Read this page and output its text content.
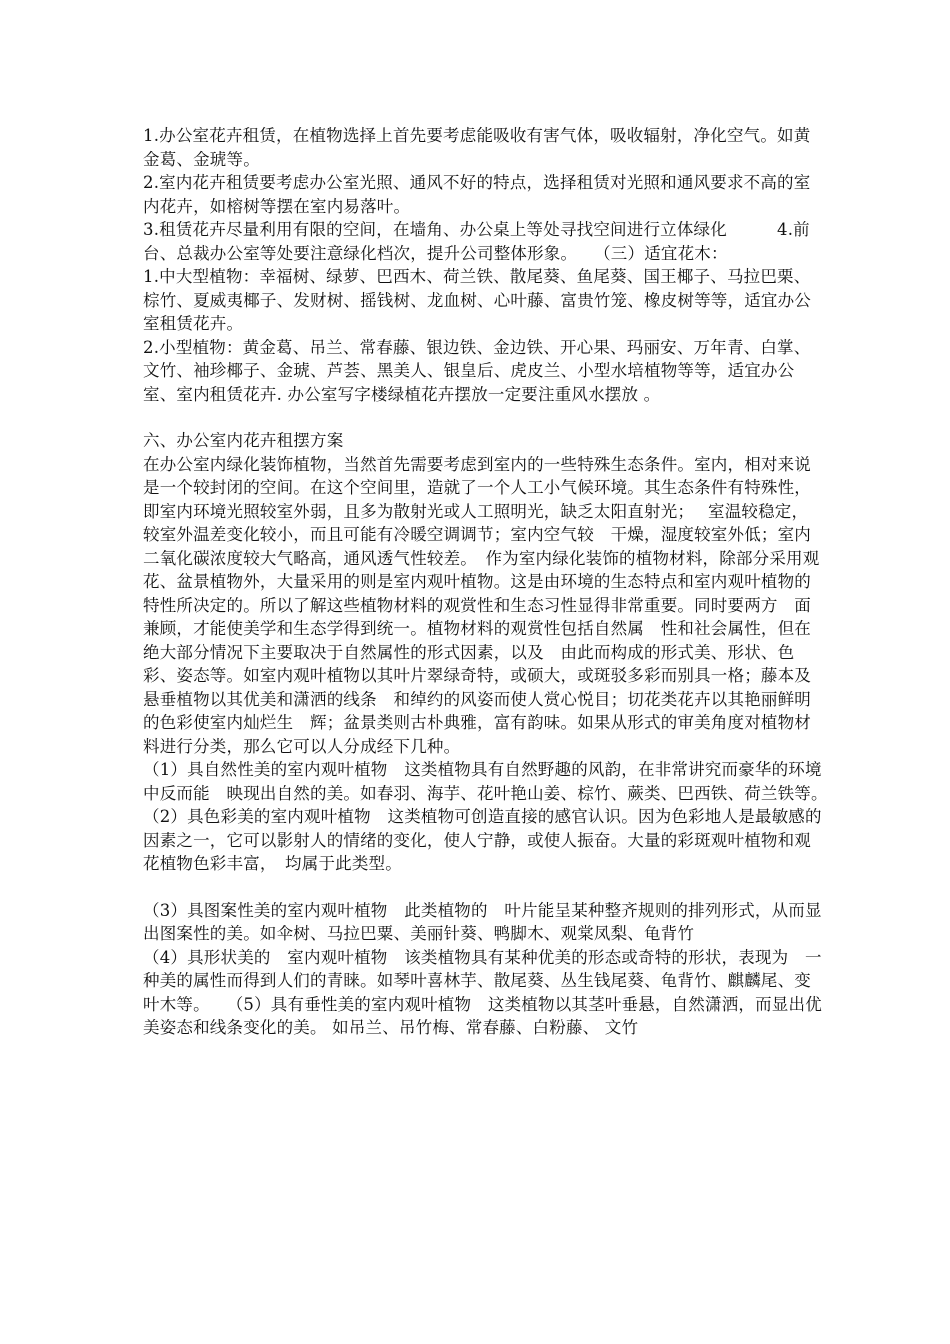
1.办公室花卉租赁，在植物选择上首先要考虑能吸收有害气体，吸收辐射，净化空气。如黄金葛、金琥等。

2.室内花卉租赁要考虑办公室光照、通风不好的特点，选择租赁对光照和通风要求不高的室内花卉，如榕树等摆在室内易落叶。

3.租赁花卉尽量利用有限的空间，在墙角、办公桌上等处寻找空间进行立体绿化　　　4.前台、总裁办公室等处要注意绿化档次，提升公司整体形象。　　（三）适宜花木：

1.中大型植物：幸福树、绿萝、巴西木、荷兰铁、散尾葵、鱼尾葵、国王椰子、马拉巴栗、棕竹、夏威夷椰子、发财树、摇钱树、龙血树、心叶藤、富贵竹笼、橡皮树等等，适宜办公室租赁花卉。

2.小型植物：黄金葛、吊兰、常春藤、银边铁、金边铁、开心果、玛丽安、万年青、白掌、文竹、袖珍椰子、金琥、芦荟、黑美人、银皇后、虎皮兰、小型水培植物等等，适宜办公室、室内租赁花卉. 办公室写字楼绿植花卉摆放一定要注重风水摆放 。

六、办公室内花卉租摆方案

在办公室内绿化装饰植物，当然首先需要考虑到室内的一些特殊生态条件。室内，相对来说是一个较封闭的空间。在这个空间里，造就了一个人工小气候环境。其生态条件有特殊性，即室内环境光照较室外弱，且多为散射光或人工照明光，缺乏太阳直射光；　 室温较稳定，较室外温差变化较小，而且可能有冷暖空调调节；室内空气较　干燥，湿度较室外低；室内二氧化碳浓度较大气略高，通风透气性较差。　作为室内绿化装饰的植物材料，除部分采用观花、盆景植物外，大量采用的则是室内观叶植物。这是由环境的生态特点和室内观叶植物的特性所决定的。所以了解这些植物材料的观赏性和生态习性显得非常重要。同时要两方　面兼顾，才能使美学和生态学得到统一。植物材料的观赏性包括自然属　性和社会属性，但在绝大部分情况下主要取决于自然属性的形式因素，以及　由此而构成的形式美、形状、色彩、姿态等。如室内观叶植物以其叶片翠绿奇特，或硕大，或斑驳多彩而别具一格；藤本及悬垂植物以其优美和潇洒的线条　和绰约的风姿而使人赏心悦目；切花类花卉以其艳丽鲜明的色彩使室内灿烂生　辉；盆景类则古朴典雅，富有韵味。如果从形式的审美角度对植物材料进行分类，那么它可以人分成经下几种。

（1）具自然性美的室内观叶植物　这类植物具有自然野趣的风韵，在非常讲究而豪华的环境中反而能　映现出自然的美。如春羽、海芋、花叶艳山姜、棕竹、蕨类、巴西铁、荷兰铁等。　　（2）具色彩美的室内观叶植物　这类植物可创造直接的感官认识。因为色彩地人是最敏感的因素之一，它可以影射人的情绪的变化，使人宁静，或使人振奋。大量的彩斑观叶植物和观花植物色彩丰富，　均属于此类型。

（3）具图案性美的室内观叶植物　此类植物的　叶片能呈某种整齐规则的排列形式，从而显出图案性的美。如伞树、马拉巴粟、美丽针葵、鸭脚木、观棠凤梨、龟背竹

（4）具形状美的　室内观叶植物　该类植物具有某种优美的形态或奇特的形状，表现为　一种美的属性而得到人们的青睐。如琴叶喜林芋、散尾葵、丛生钱尾葵、龟背竹、麒麟尾、变叶木等。　　（5）具有垂性美的室内观叶植物　这类植物以其茎叶垂悬，自然潇洒，而显出优美姿态和线条变化的美。 如吊兰、吊竹梅、常春藤、白粉藤、 文竹
